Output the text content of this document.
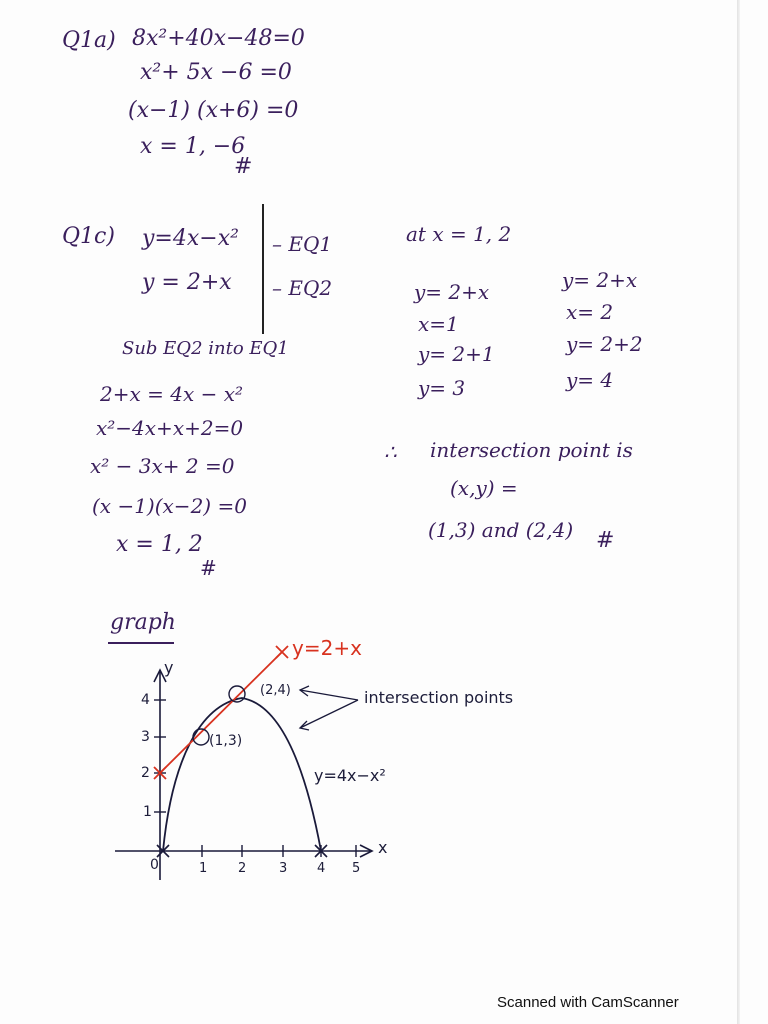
Q1a) 8x²+40x−48=0
x²+ 5x −6 =0
(x−1) (x+6) =0
x = 1, −6
#
Q1c) y=4x−x² – EQ1
y = 2+x – EQ2
Sub EQ2 into EQ1
2+x = 4x − x²
x²−4x+x+2=0
x² − 3x+ 2 =0
(x −1)(x−2) =0
x = 1, 2
#
at x = 1, 2
y= 2+x
x=1
y= 2+1
y= 3
y= 2+x
x= 2
y= 2+2
y= 4
∴ intersection point is
(x,y) =
(1,3) and (2,4) #
graph
y=2+x
y=4x−x²
y
x
4
3
2
1
0	1 2	3 4 5
(1,3)
(2,4)	intersection points
Scanned with CamScanner
